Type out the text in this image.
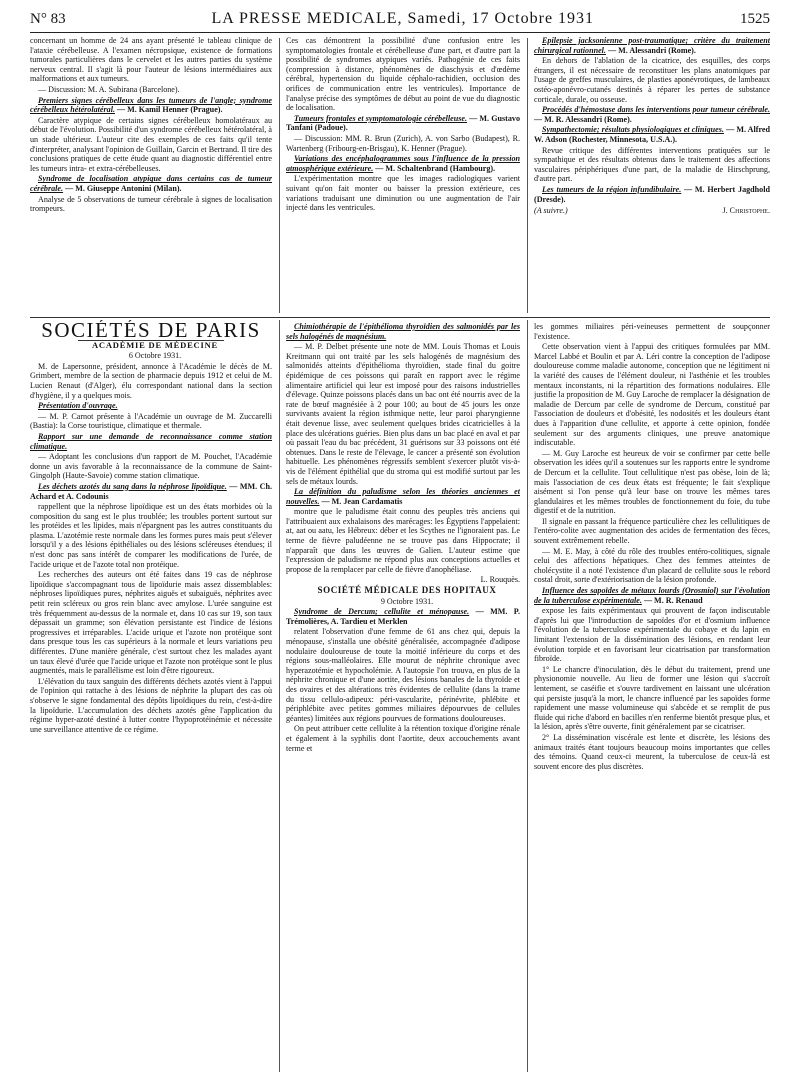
N° 83	LA PRESSE MEDICALE, Samedi, 17 Octobre 1931	1525

concernant un homme de 24 ans ayant présenté le tableau clinique de l'ataxie cérébelleuse. A l'examen nécropsique, existence de formations tumorales particulières dans le cervelet et les autres parties du système nerveux central. Il s'agit là pour l'auteur de lésions intermédiaires aux malformations et aux tumeurs.

— Discussion: M. A. Subirana (Barcelone).

Premiers signes cérébelleux dans les tumeurs de l'angle; syndrome cérébelleux hétérolatéral. — M. Kamil Henner (Prague).

Caractère atypique de certains signes cérébelleux homolatéraux au début de l'évolution. Possibilité d'un syndrome cérébelleux hétérolatéral, à un stade ultérieur. L'auteur cite des exemples de ces faits qu'il tente d'interpréter, analysant l'opinion de Guillain, Garcin et Bertrand. Il tire des conclusions pratiques de cette étude quant au diagnostic différentiel entre les tumeurs intra- et extra-cérébelleuses.

Syndrome de localisation atypique dans certains cas de tumeur cérébrale. — M. Giuseppe Antonini (Milan).

Analyse de 5 observations de tumeur cérébrale à signes de localisation trompeurs.

Ces cas démontrent la possibilité d'une confusion entre les symptomatologies frontale et cérébelleuse d'une part, et d'autre part la possibilité de syndromes atypiques variés. Pathogénie de ces faits (compression à distance, phénomènes de diaschysis et d'œdème cérébral, hypertension du liquide céphalo-rachidien, occlusion des orifices de communication entre les ventricules). Importance de l'analyse précise des symptômes de début au point de vue du diagnostic de localisation.

Tumeurs frontales et symptomatologie cérébelleuse. — M. Gustavo Tanfani (Padoue).

— Discussion: MM. R. Brun (Zurich), A. von Sarbo (Budapest), R. Wartenberg (Fribourg-en-Brisgau), K. Henner (Prague).

Variations des encéphalogrammes sous l'influence de la pression atmosphérique extérieure. — M. Schaltenbrand (Hambourg).

L'expérimentation montre que les images radiologiques varient suivant qu'on fait monter ou baisser la pression extérieure, ces variations traduisant une diminution ou une augmentation de l'air injecté dans les ventricules.

Epilepsie jacksonienne post-traumatique; critère du traitement chirurgical rationnel. — M. Alessandri (Rome).

En dehors de l'ablation de la cicatrice, des esquilles, des corps étrangers, il est nécessaire de reconstituer les plans anatomiques par l'usage de greffes musculaires, de plasties aponévrotiques, de lambeaux ostéo-aponévro-cutanés destinés à réparer les pertes de substance corticale, durale, ou osseuse.

Procédés d'hémostase dans les interventions pour tumeur cérébrale. — M. R. Alessandri (Rome).

Sympathectomie; résultats physiologiques et cliniques. — M. Alfred W. Adson (Rochester, Minnesota, U.S.A.).

Revue critique des différentes interventions pratiquées sur le sympathique et des résultats obtenus dans le traitement des affections vasculaires périphériques d'une part, de la maladie de Hirschprung, d'autre part.

Les tumeurs de la région infundibulaire. — M. Herbert Jagdhold (Dresde).

(A suivre.)	J. Christophe.
SOCIÉTÉS DE PARIS

ACADÉMIE DE MÉDECINE

6 Octobre 1931.

M. de Lapersonne, président, annonce à l'Académie le décès de M. Grimbert, membre de la section de pharmacie depuis 1912 et celui de M. Lucien Renaut (d'Alger), élu correspondant national dans la section d'hygiène, il y a quelques mois.

Présentation d'ouvrage.

— M. P. Carnot présente à l'Académie un ouvrage de M. Zuccarelli (Bastia): la Corse touristique, climatique et thermale.

Rapport sur une demande de reconnaissance comme station climatique.

— Adoptant les conclusions d'un rapport de M. Pouchet, l'Académie donne un avis favorable à la reconnaissance de la commune de Saint-Gingolph (Haute-Savoie) comme station climatique.

Les déchets azotés du sang dans la néphrose lipoïdique. — MM. Ch. Achard et A. Codounis

rappellent que la néphrose lipoïdique est un des états morbides où la composition du sang est le plus troublée; les troubles portent surtout sur les protéides et les lipides, mais n'épargnent pas les autres constituants du plasma. L'azotémie reste normale dans les formes pures mais peut s'élever lorsqu'il y a des lésions épithéliales ou des lésions scléreuses étendues; il n'est donc pas sans intérêt de comparer les modifications de l'urée, de l'acide urique et de l'azote total non protéique.

Les recherches des auteurs ont été faites dans 19 cas de néphrose lipoïdique s'accompagnant tous de lipoïdurie mais assez dissemblables: néphroses lipoïdiques pures, néphrites aiguës et subaiguës, néphrites avec petit rein scléreux ou gros rein blanc avec amylose. L'urée sanguine est très fréquemment au-dessus de la normale et, dans 10 cas sur 19, son taux dépassait un gramme; son élévation persistante est l'indice de lésions progressives et irréparables. L'acide urique et l'azote non protéique sont dans presque tous les cas supérieurs à la normale et leurs variations peu différentes. D'une manière générale, c'est surtout chez les malades ayant un taux élevé d'urée que l'acide urique et l'azote non protéique sont le plus augmentés, mais le parallélisme est loin d'être rigoureux.

L'élévation du taux sanguin des différents déchets azotés vient à l'appui de l'opinion qui rattache à des lésions de néphrite la plupart des cas où s'observe le signe fondamental des dépôts lipoïdiques du rein, c'est-à-dire la lipoïdurie. L'accumulation des déchets azotés gêne l'application du régime hyper-azoté destiné à lutter contre l'hypoprotéinémie et nécessite une surveillance attentive de ce régime.

Chimiothérapie de l'épithélioma thyroïdien des salmonidés par les sels halogénés de magnésium.

— M. P. Delbet présente une note de MM. Louis Thomas et Louis Kreitmann qui ont traité par les sels halogénés de magnésium des salmonidés atteints d'épithélioma thyroïdien, stade final du goitre épidémique de ces poissons qui paraît en rapport avec le régime alimentaire artificiel qui leur est imposé pour des raisons industrielles d'élevage. Quinze poissons placés dans un bac ont été nourris avec de la rate de bœuf magnésiée à 2 pour 100; au bout de 45 jours les onze survivants avaient la région isthmique nette, leur paroi pharyngienne était devenue lisse, avec seulement quelques brides cicatricielles à la place des ulcérations guéries. Bien plus dans un bac placé en aval et par où passait l'eau du bac précédent, 31 guérisons sur 33 poissons ont été obtenues. Dans le reste de l'élevage, le cancer a présenté son évolution habituelle. Les phénomènes régressifs semblent s'exercer plutôt vis-à-vis de l'élément épithélial que du stroma qui est modifié surtout par les sels de métaux lourds.

La définition du paludisme selon les théories anciennes et nouvelles. — M. Jean Cardamatis

montre que le paludisme était connu des peuples très anciens qui l'attribuaient aux exhalaisons des marécages: les Égyptiens l'appelaient: at, aat ou aatu, les Hébreux: déber et les Scythes ne l'ignoraient pas. Le terme de fièvre paludéenne ne se trouve pas dans Hippocrate; il n'apparaît que dans les œuvres de Galien. L'auteur estime que l'expression de paludisme ne répond plus aux conceptions actuelles et propose de la remplacer par celle de fièvre d'anophéliase.

L. Rouquès.

SOCIÉTÉ MÉDICALE DES HOPITAUX

9 Octobre 1931.

Syndrome de Dercum; cellulite et ménopause. — MM. P. Trémolières, A. Tardieu et Merklen

relatent l'observation d'une femme de 61 ans chez qui, depuis la ménopause, s'installa une obésité généralisée, accompagnée d'adipose nodulaire douloureuse de toute la moitié inférieure du corps et des régions sous-malléolaires. Elle mourut de néphrite chronique avec hyperazotémie et hypocholémie. A l'autopsie l'on trouva, en plus de la néphrite chronique et d'une aortite, des lésions banales de la thyroïde et des ovaires et des altérations très évidentes de cellulite (dans la trame du tissu cellulo-adipeux: péri-vascularite, périnévrite, phlébite et périphlébite avec petites gommes miliaires dépourvues de cellules géantes) limitées aux régions pourvues de formations douloureuses.

On peut attribuer cette cellulite à la rétention toxique d'origine rénale et également à la syphilis dont l'aortite, deux accouchements avant terme et

les gommes miliaires péri-veineuses permettent de soupçonner l'existence.

Cette observation vient à l'appui des critiques formulées par MM. Marcel Labbé et Boulin et par A. Léri contre la conception de l'adipose douloureuse comme maladie autonome, conception que ne légitiment ni la variété des causes de l'élément douleur, ni l'asthénie et les troubles mentaux inconstants, ni la répartition des formations nodulaires. Elle justifie la proposition de M. Guy Laroche de remplacer la désignation de maladie de Dercum par celle de syndrome de Dercum, constitué par l'association de douleurs et d'obésité, les nodosités et les douleurs étant dues à l'apparition d'une cellulite, et apporte à cette opinion, fondée seulement sur des arguments cliniques, une preuve anatomique indiscutable.

— M. Guy Laroche est heureux de voir se confirmer par cette belle observation les idées qu'il a soutenues sur les rapports entre le syndrome de Dercum et la cellulite. Tout cellulitique n'est pas obèse, loin de là; mais l'association de ces deux états est fréquente; le fait s'explique aisément si l'on pense qu'à leur base on trouve les mêmes tares glandulaires et les mêmes troubles de fonctionnement du foie, du tube digestif et de la nutrition.

Il signale en passant la fréquence particulière chez les cellulitiques de l'entéro-colite avec augmentation des acides de fermentation des fèces, souvent extrêmement rebelle.

— M. E. May, à côté du rôle des troubles entéro-colitiques, signale celui des affections hépatiques. Chez des femmes atteintes de cholécystite il a noté l'existence d'un placard de cellulite sous le rebord costal droit, sorte d'extériorisation de la lésion profonde.

Influence des sapoïdes de métaux lourds (Orosmiol) sur l'évolution de la tuberculose expérimentale. — M. R. Renaud

expose les faits expérimentaux qui prouvent de façon indiscutable d'après lui que l'introduction de sapoïdes d'or et d'osmium influence l'évolution de la tuberculose expérimentale du cobaye et du lapin en limitant l'extension de la dissémination des lésions, en rendant leur évolution torpide et en favorisant leur cicatrisation par transformation fibroïde.

1° Le chancre d'inoculation, dès le début du traitement, prend une physionomie nouvelle. Au lieu de former une lésion qui s'accroît lentement, se caséifie et s'ouvre tardivement en laissant une ulcération qui persiste jusqu'à la mort, le chancre influencé par les sapoïdes forme rapidement une masse volumineuse qui s'abcède et se remplit de pus fluide qui riche d'abord en bacilles n'en renferme bientôt presque plus, et la lésion, après s'être ouverte, finit généralement par se cicatriser.

2° La dissémination viscérale est lente et discrète, les lésions des animaux traités étant toujours beaucoup moins importantes que celles des témoins. Quand ceux-ci meurent, la tuberculose de ceux-là est souvent encore des plus discrètes.
